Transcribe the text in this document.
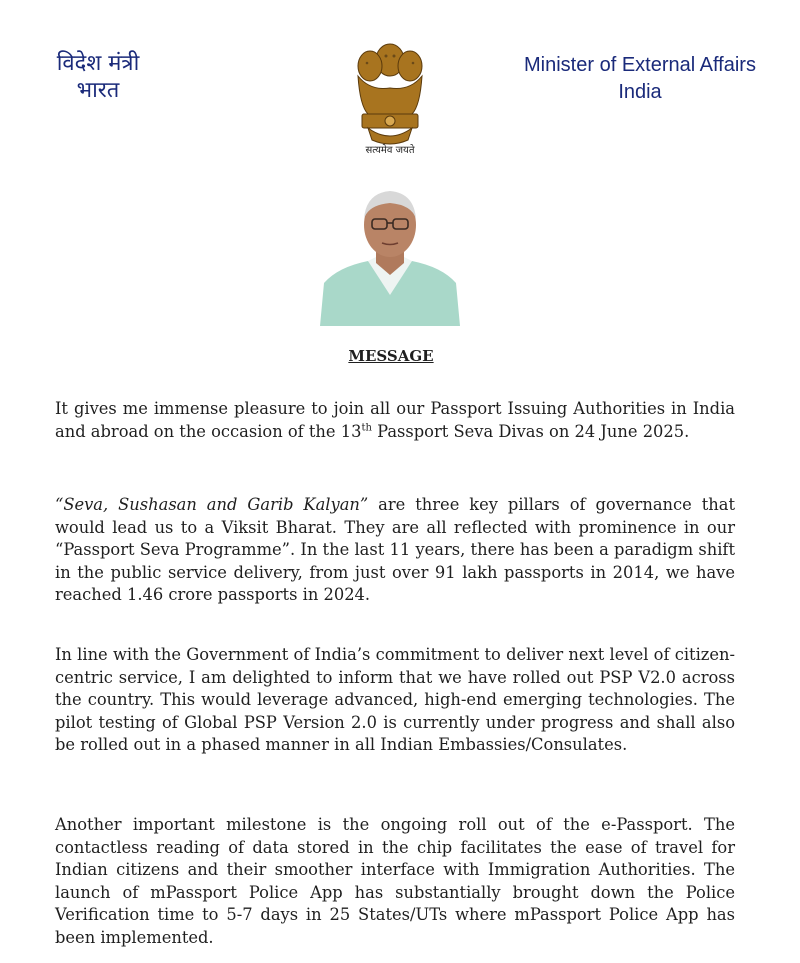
विदेश मंत्री
भारत
सत्यमेव जयते
Minister of External Affairs
India
MESSAGE

It gives me immense pleasure to join all our Passport Issuing Authorities in India and abroad on the occasion of the 13th Passport Seva Divas on 24 June 2025.

“Seva, Sushasan and Garib Kalyan” are three key pillars of governance that would lead us to a Viksit Bharat. They are all reflected with prominence in our “Passport Seva Programme”. In the last 11 years, there has been a paradigm shift in the public service delivery, from just over 91 lakh passports in 2014, we have reached 1.46 crore passports in 2024.

In line with the Government of India’s commitment to deliver next level of citizen-centric service, I am delighted to inform that we have rolled out PSP V2.0 across the country. This would leverage advanced, high-end emerging technologies. The pilot testing of Global PSP Version 2.0 is currently under progress and shall also be rolled out in a phased manner in all Indian Embassies/Consulates.

Another important milestone is the ongoing roll out of the e-Passport. The contactless reading of data stored in the chip facilitates the ease of travel for Indian citizens and their smoother interface with Immigration Authorities. The launch of mPassport Police App has substantially brought down the Police Verification time to 5-7 days in 25 States/UTs where mPassport Police App has been implemented.
